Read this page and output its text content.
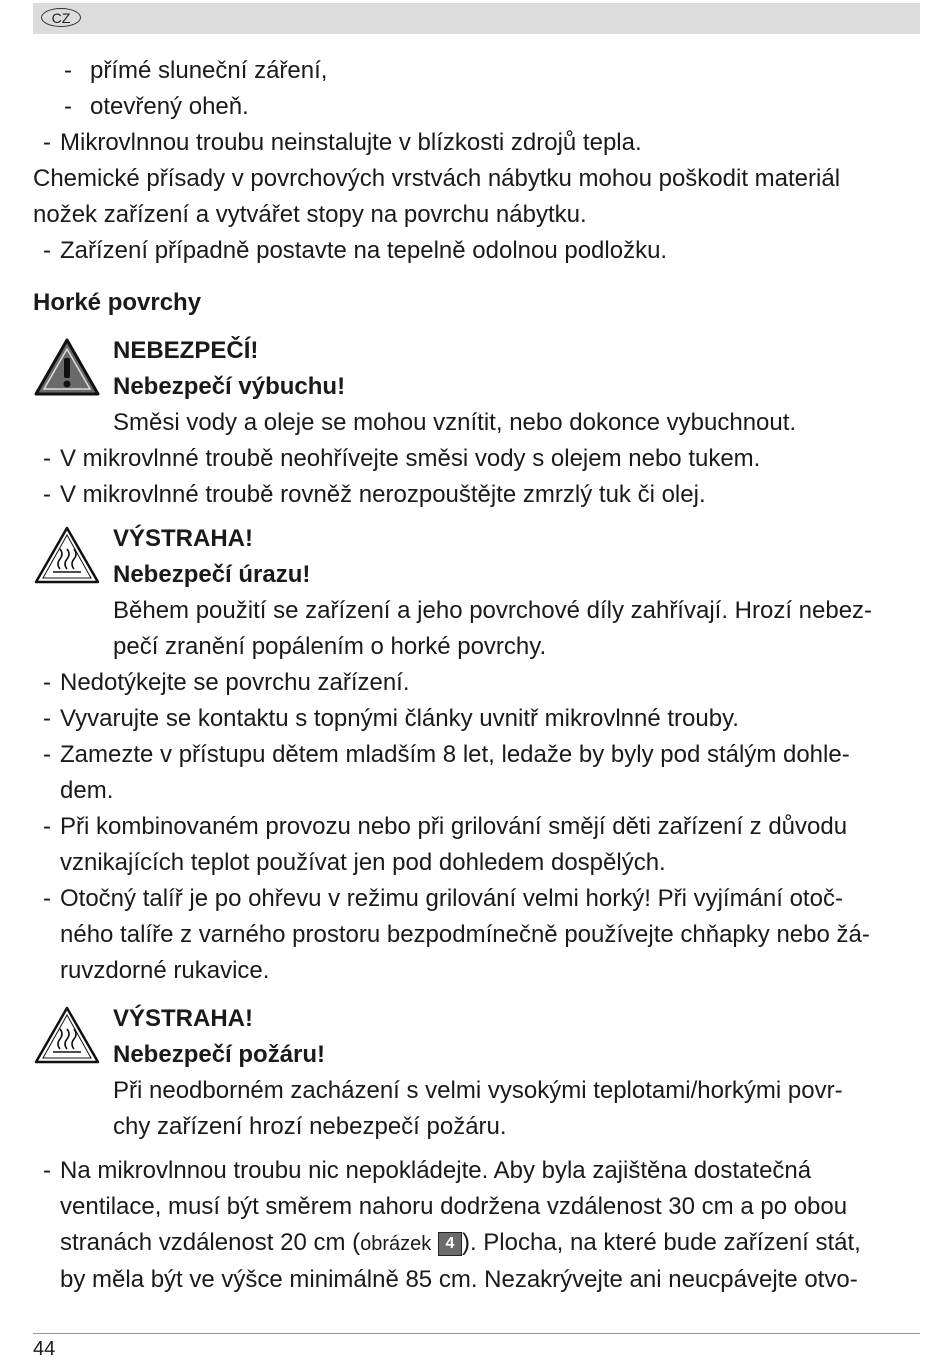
CZ
- přímé sluneční záření,
- otevřený oheň.
- Mikrovlnnou troubu neinstalujte v blízkosti zdrojů tepla.
Chemické přísady v povrchových vrstvách nábytku mohou poškodit materiál
nožek zařízení a vytvářet stopy na povrchu nábytku.
- Zařízení případně postavte na tepelně odolnou podložku.
Horké povrchy
NEBEZPEČÍ!
Nebezpečí výbuchu!
Směsi vody a oleje se mohou vznítit, nebo dokonce vybuchnout.
- V mikrovlnné troubě neohřívejte směsi vody s olejem nebo tukem.
- V mikrovlnné troubě rovněž nerozpouštějte zmrzlý tuk či olej.
VÝSTRAHA!
Nebezpečí úrazu!
Během použití se zařízení a jeho povrchové díly zahřívají. Hrozí nebez-
pečí zranění popálením o horké povrchy.
- Nedotýkejte se povrchu zařízení.
- Vyvarujte se kontaktu s topnými články uvnitř mikrovlnné trouby.
- Zamezte v přístupu dětem mladším 8 let, ledaže by byly pod stálým dohle-
dem.
- Při kombinovaném provozu nebo při grilování smějí děti zařízení z důvodu
vznikajících teplot používat jen pod dohledem dospělých.
- Otočný talíř je po ohřevu v režimu grilování velmi horký! Při vyjímání otoč-
ného talíře z varného prostoru bezpodmínečně používejte chňapky nebo žá-
ruvzdorné rukavice.
VÝSTRAHA!
Nebezpečí požáru!
Při neodborném zacházení s velmi vysokými teplotami/horkými povr-
chy zařízení hrozí nebezpečí požáru.
- Na mikrovlnnou troubu nic nepokládejte. Aby byla zajištěna dostatečná
ventilace, musí být směrem nahoru dodržena vzdálenost 30 cm a po obou
stranách vzdálenost 20 cm (obrázek 4 ). Plocha, na které bude zařízení stát,
by měla být ve výšce minimálně 85 cm. Nezakrývejte ani neucpávejte otvo-
44
